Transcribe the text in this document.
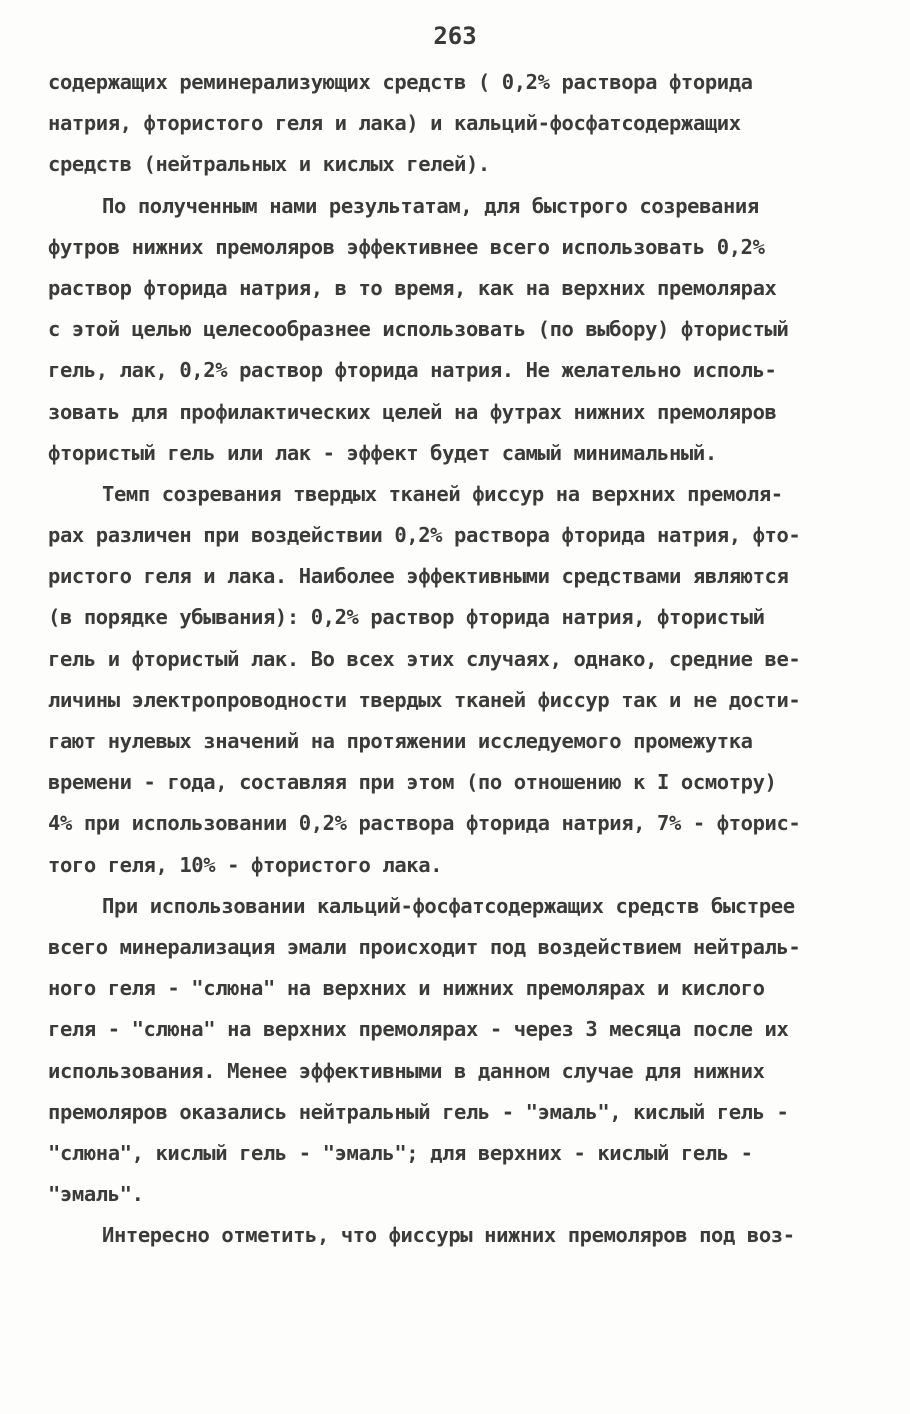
263
содержащих реминерализующих средств ( 0,2% раствора фторида
натрия, фтористого геля и лака) и кальций-фосфатсодержащих
средств (нейтральных и кислых гелей).
По полученным нами результатам, для быстрого созревания
футров нижних премоляров эффективнее всего использовать 0,2%
раствор фторида натрия, в то время, как на верхних премолярах
с этой целью целесообразнее использовать (по выбору) фтористый
гель, лак, 0,2% раствор фторида натрия. Не желательно исполь-
зовать для профилактических целей на футрах нижних премоляров
фтористый гель или лак - эффект будет самый минимальный.
Темп созревания твердых тканей фиссур на верхних премоля-
рах различен при воздействии 0,2% раствора фторида натрия, фто-
ристого геля и лака. Наиболее эффективными средствами являются
(в порядке убывания): 0,2% раствор фторида натрия, фтористый
гель и фтористый лак. Во всех этих случаях, однако, средние ве-
личины электропроводности твердых тканей фиссур так и не дости-
гают нулевых значений на протяжении исследуемого промежутка
времени - года, составляя при этом (по отношению к I осмотру)
4% при использовании 0,2% раствора фторида натрия, 7% - фторис-
того геля, 10% - фтористого лака.
При использовании кальций-фосфатсодержащих средств быстрее
всего минерализация эмали происходит под воздействием нейтраль-
ного геля - "слюна" на верхних и нижних премолярах и кислого
геля - "слюна" на верхних премолярах - через 3 месяца после их
использования. Менее эффективными в данном случае для нижних
премоляров оказались нейтральный гель - "эмаль", кислый гель -
"слюна", кислый гель - "эмаль"; для верхних - кислый гель -
"эмаль".
Интересно отметить, что фиссуры нижних премоляров под воз-
